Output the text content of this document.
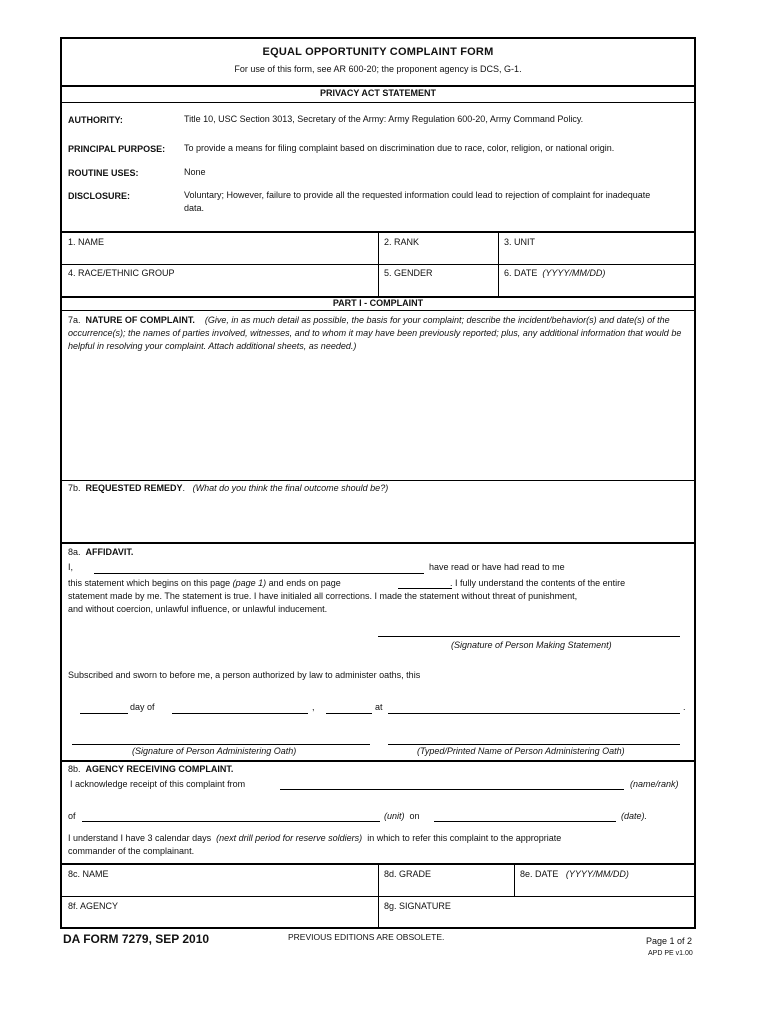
EQUAL OPPORTUNITY COMPLAINT FORM
For use of this form, see AR 600-20; the proponent agency is DCS, G-1.
PRIVACY ACT STATEMENT
AUTHORITY:	Title 10, USC Section 3013, Secretary of the Army: Army Regulation 600-20, Army Command Policy.
PRINCIPAL PURPOSE: To provide a means for filing complaint based on discrimination due to race, color, religion, or national origin.
ROUTINE USES:	None
DISCLOSURE:	Voluntary; However, failure to provide all the requested information could lead to rejection of complaint for inadequate data.
1. NAME	2. RANK	3. UNIT
4. RACE/ETHNIC GROUP	5. GENDER	6. DATE (YYYY/MM/DD)
PART I - COMPLAINT
7a. NATURE OF COMPLAINT. (Give, in as much detail as possible, the basis for your complaint; describe the incident/behavior(s) and date(s) of the occurrence(s); the names of parties involved, witnesses, and to whom it may have been previously reported; plus, any additional information that would be helpful in resolving your complaint. Attach additional sheets, as needed.)
7b. REQUESTED REMEDY. (What do you think the final outcome should be?)
8a. AFFIDAVIT.
I,	have read or have had read to me
this statement which begins on this page (page 1) and ends on page	. I fully understand the contents of the entire
statement made by me. The statement is true. I have initialed all corrections. I made the statement without threat of punishment,
and without coercion, unlawful influence, or unlawful inducement.
(Signature of Person Making Statement)
Subscribed and sworn to before me, a person authorized by law to administer oaths, this
day of	,	at	.
(Signature of Person Administering Oath)	(Typed/Printed Name of Person Administering Oath)
8b. AGENCY RECEIVING COMPLAINT.
I acknowledge receipt of this complaint from	(name/rank)
of	(unit) on	(date).
I understand I have 3 calendar days (next drill period for reserve soldiers) in which to refer this complaint to the appropriate
commander of the complainant.
8c. NAME	8d. GRADE	8e. DATE (YYYY/MM/DD)
8f. AGENCY	8g. SIGNATURE
DA FORM 7279, SEP 2010	PREVIOUS EDITIONS ARE OBSOLETE.	Page 1 of 2
APD PE v1.00
